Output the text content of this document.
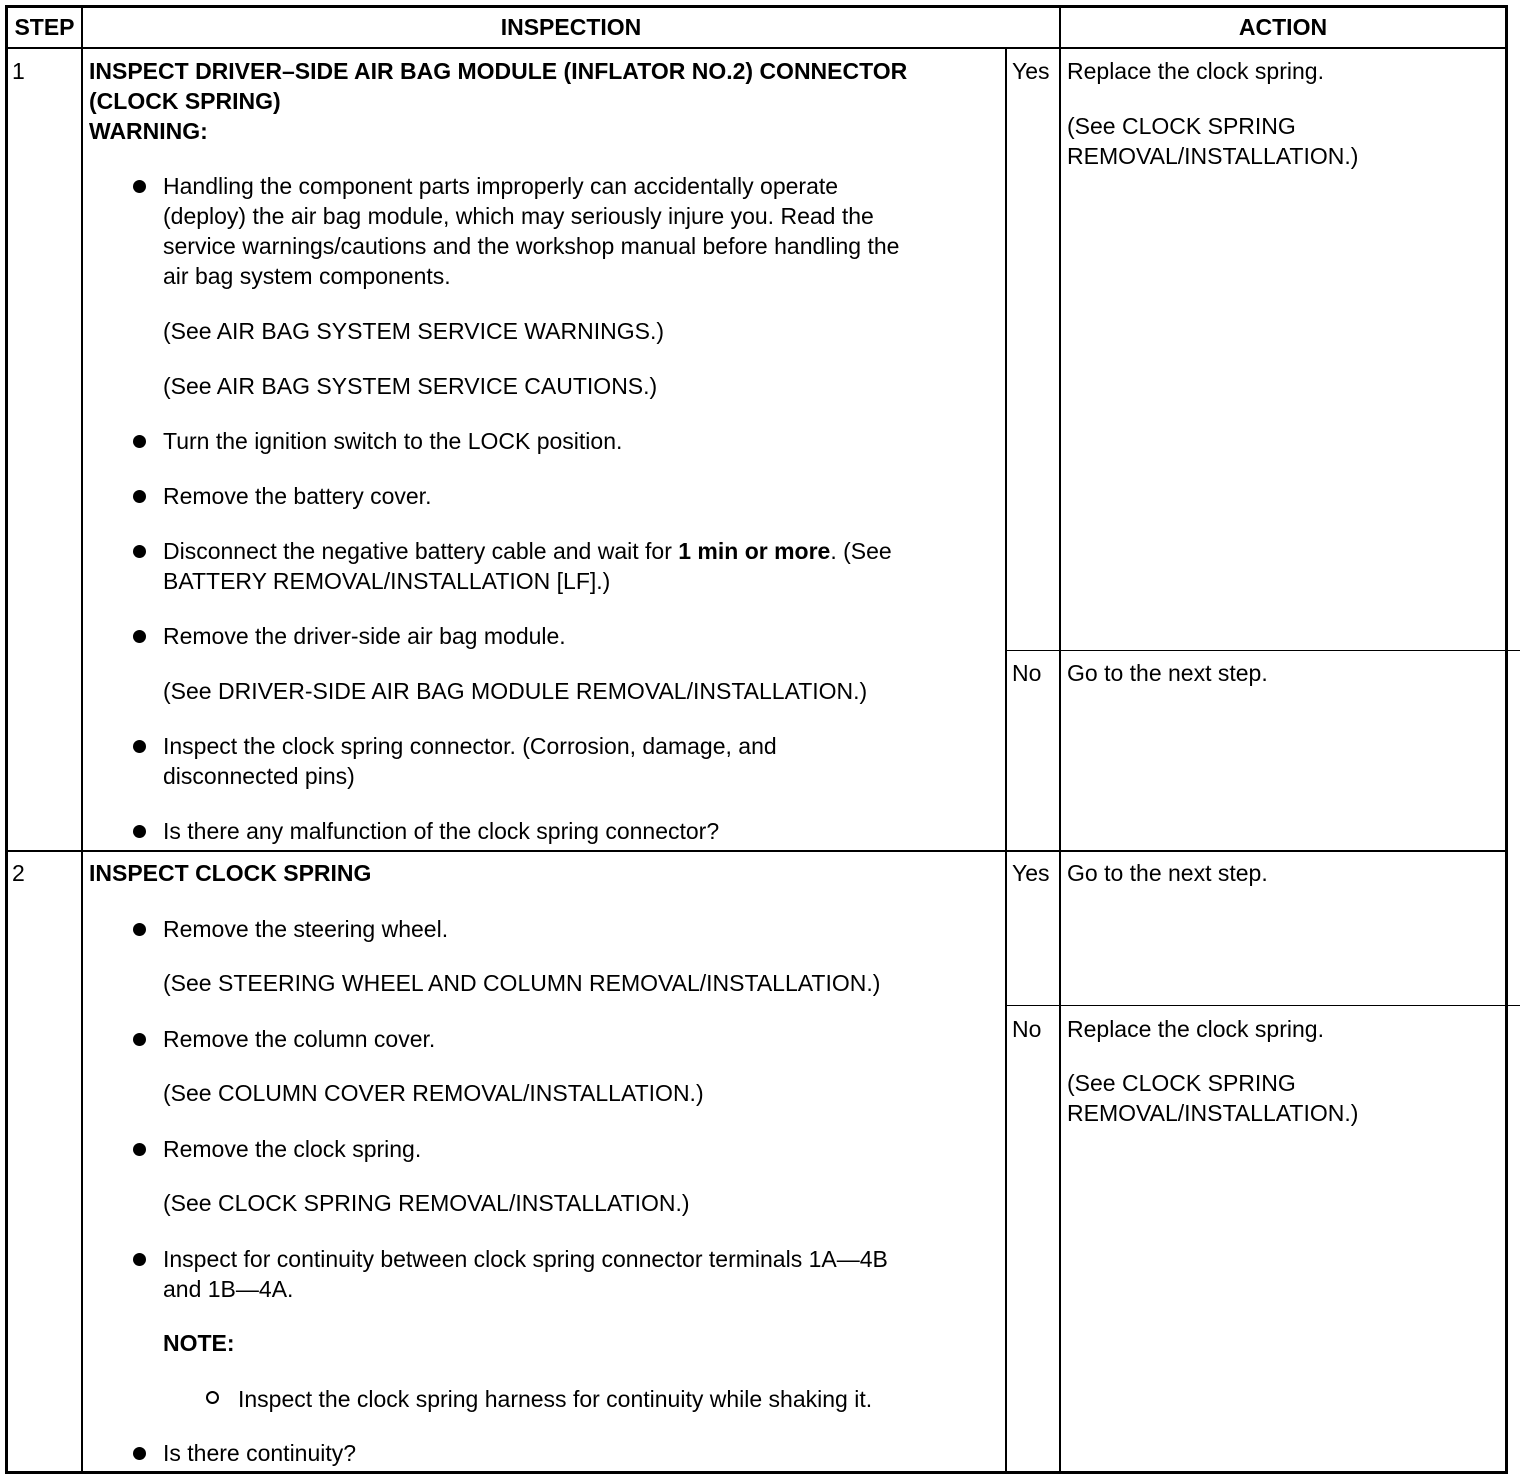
STEP	INSPECTION	ACTION
1	INSPECT DRIVER–SIDE AIR BAG MODULE (INFLATOR NO.2) CONNECTOR
(CLOCK SPRING)
WARNING:
Handling the component parts improperly can accidentally operate
(deploy) the air bag module, which may seriously injure you. Read the
service warnings/cautions and the workshop manual before handling the
air bag system components.
(See AIR BAG SYSTEM SERVICE WARNINGS.)
(See AIR BAG SYSTEM SERVICE CAUTIONS.)
Turn the ignition switch to the LOCK position.
Remove the battery cover.
Disconnect the negative battery cable and wait for 1 min or more. (See
BATTERY REMOVAL/INSTALLATION [LF].)
Remove the driver-side air bag module.
(See DRIVER-SIDE AIR BAG MODULE REMOVAL/INSTALLATION.)
Inspect the clock spring connector. (Corrosion, damage, and
disconnected pins)
Is there any malfunction of the clock spring connector?
Yes Replace the clock spring.
(See CLOCK SPRING
REMOVAL/INSTALLATION.)
No Go to the next step.
2	INSPECT CLOCK SPRING
Remove the steering wheel.
(See STEERING WHEEL AND COLUMN REMOVAL/INSTALLATION.)
Remove the column cover.
(See COLUMN COVER REMOVAL/INSTALLATION.)
Remove the clock spring.
(See CLOCK SPRING REMOVAL/INSTALLATION.)
Inspect for continuity between clock spring connector terminals 1A—4B
and 1B—4A.
NOTE:
Inspect the clock spring harness for continuity while shaking it.
Is there continuity?
Yes Go to the next step.
No Replace the clock spring.
(See CLOCK SPRING
REMOVAL/INSTALLATION.)
